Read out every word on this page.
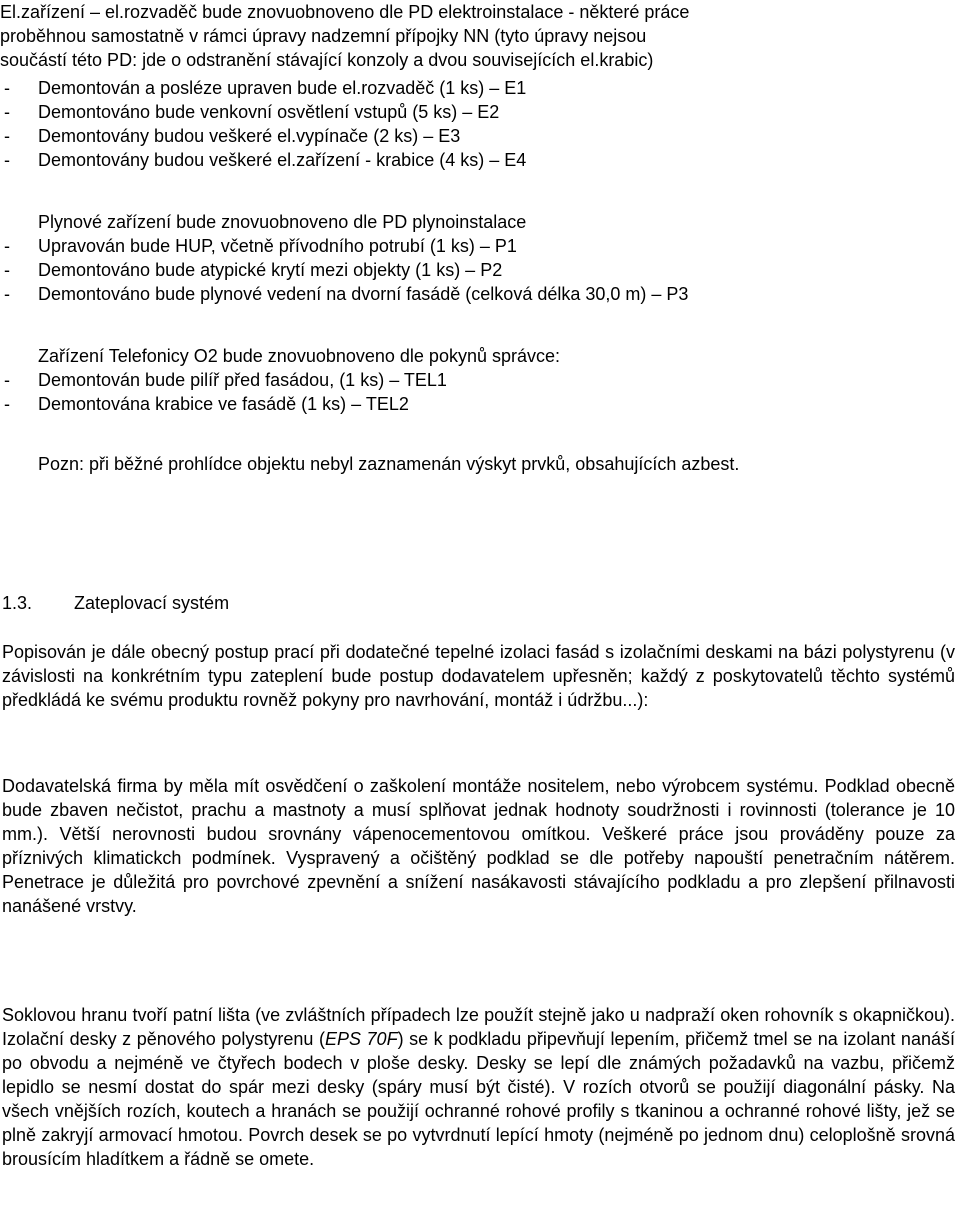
El.zařízení – el.rozvaděč bude znovuobnoveno dle PD elektroinstalace - některé práce

proběhnou samostatně v rámci úpravy nadzemní přípojky NN (tyto úpravy nejsou

součástí této PD: jde o odstranění stávající konzoly a dvou souvisejících el.krabic)

- Demontován a posléze upraven bude el.rozvaděč (1 ks) – E1
- Demontováno bude venkovní osvětlení vstupů (5 ks) – E2
- Demontovány budou veškeré el.vypínače (2 ks) – E3
- Demontovány budou veškeré el.zařízení - krabice (4 ks) – E4
Plynové zařízení bude znovuobnoveno dle PD plynoinstalace
- Upravován bude HUP, včetně přívodního potrubí (1 ks) – P1
- Demontováno bude atypické krytí mezi objekty (1 ks) – P2
- Demontováno bude plynové vedení na dvorní fasádě (celková délka 30,0 m) – P3
Zařízení Telefonicy O2 bude znovuobnoveno dle pokynů správce:
- Demontován bude pilíř před fasádou, (1 ks) – TEL1
- Demontována krabice ve fasádě (1 ks) – TEL2
Pozn: při běžné prohlídce objektu nebyl zaznamenán výskyt prvků, obsahujících azbest.
1.3. Zateplovací systém

Popisován je dále obecný postup prací při dodatečné tepelné izolaci fasád s izolačními deskami na bázi polystyrenu (v závislosti na konkrétním typu zateplení bude postup dodavatelem upřesněn; každý z poskytovatelů těchto systémů předkládá ke svému produktu rovněž pokyny pro navrhování, montáž i údržbu...):

Dodavatelská firma by měla mít osvědčení o zaškolení montáže nositelem, nebo výrobcem systému. Podklad obecně bude zbaven nečistot, prachu a mastnoty a musí splňovat jednak hodnoty soudržnosti i rovinnosti (tolerance je 10 mm.). Větší nerovnosti budou srovnány vápenocementovou omítkou. Veškeré práce jsou prováděny pouze za příznivých klimatickch podmínek. Vyspravený a očištěný podklad se dle potřeby napouští penetračním nátěrem. Penetrace je důležitá pro povrchové zpevnění a snížení nasákavosti stávajícího podkladu a pro zlepšení přilnavosti nanášené vrstvy.

Soklovou hranu tvoří patní lišta (ve zvláštních případech lze použít stejně jako u nadpraží oken rohovník s okapničkou). Izolační desky z pěnového polystyrenu (EPS 70F) se k podkladu připevňují lepením, přičemž tmel se na izolant nanáší po obvodu a nejméně ve čtyřech bodech v ploše desky. Desky se lepí dle známých požadavků na vazbu, přičemž lepidlo se nesmí dostat do spár mezi desky (spáry musí být čisté). V rozích otvorů se použijí diagonální pásky. Na všech vnějších rozích, koutech a hranách se použijí ochranné rohové profily s tkaninou a ochranné rohové lišty, jež se plně zakryjí armovací hmotou. Povrch desek se po vytvrdnutí lepící hmoty (nejméně po jednom dnu) celoplošně srovná brousícím hladítkem a řádně se omete.
